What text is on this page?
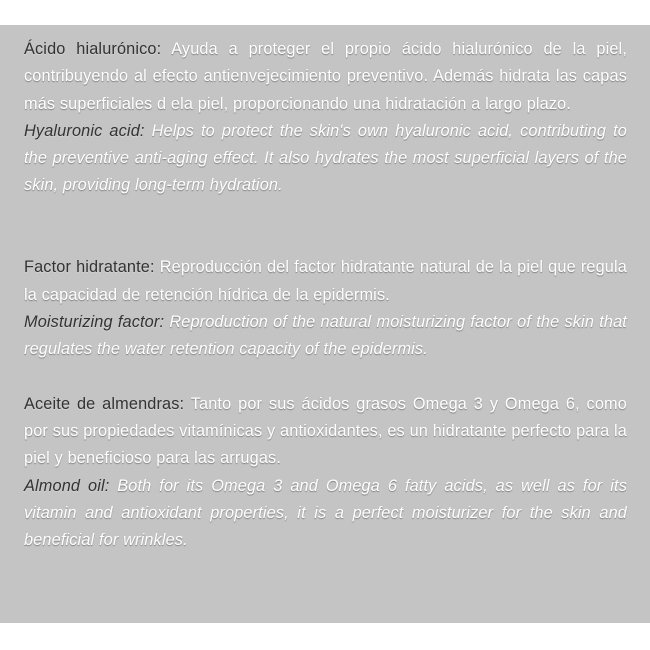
Ácido hialurónico: Ayuda a proteger el propio ácido hialurónico de la piel, contribuyendo al efecto antienvejecimiento preventivo. Además hidrata las capas más superficiales d ela piel, proporcionando una hidratación a largo plazo.

Hyaluronic acid: Helps to protect the skin's own hyaluronic acid, contributing to the preventive anti-aging effect. It also hydrates the most superficial layers of the skin, providing long-term hydration.

Factor hidratante: Reproducción del factor hidratante natural de la piel que regula la capacidad de retención hídrica de la epidermis.

Moisturizing factor: Reproduction of the natural moisturizing factor of the skin that regulates the water retention capacity of the epidermis.

Aceite de almendras: Tanto por sus ácidos grasos Omega 3 y Omega 6, como por sus propiedades vitamínicas y antioxidantes, es un hidratante perfecto para la piel y beneficioso para las arrugas.

Almond oil: Both for its Omega 3 and Omega 6 fatty acids, as well as for its vitamin and antioxidant properties, it is a perfect moisturizer for the skin and beneficial for wrinkles.
